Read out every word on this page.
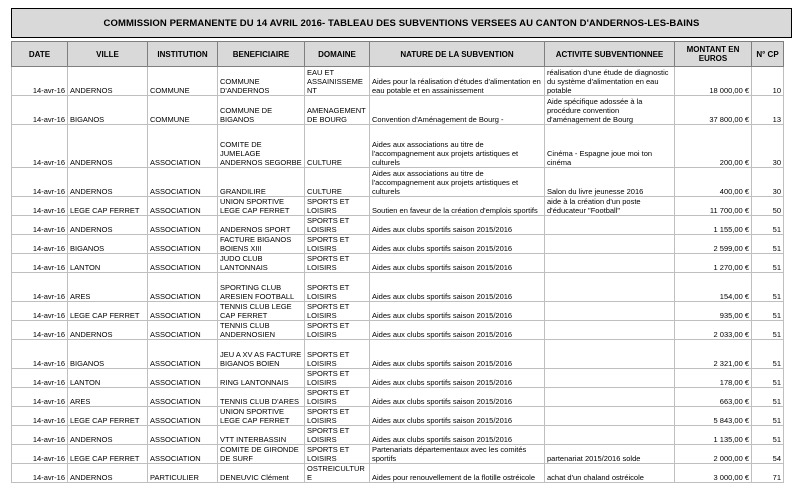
COMMISSION PERMANENTE DU 14 AVRIL 2016- TABLEAU DES SUBVENTIONS VERSEES AU CANTON D'ANDERNOS-LES-BAINS
DATE	VILLE	INSTITUTION	BENEFICIAIRE	DOMAINE	NATURE DE LA SUBVENTION	ACTIVITE SUBVENTIONNEE	MONTANT EN EUROS	N° CP
14-avr-16	ANDERNOS	COMMUNE	COMMUNE D'ANDERNOS	EAU ET ASSAINISSEMENT	Aides pour la réalisation d'études d'alimentation en eau potable et en assainissement	réalisation d'une étude de diagnostic du système d'alimentation en eau potable	18 000,00 €	10
14-avr-16	BIGANOS	COMMUNE	COMMUNE DE BIGANOS	AMENAGEMENT DE BOURG	Convention d'Aménagement de Bourg -	Aide spécifique adossée à la procédure convention d'aménagement de Bourg	37 800,00 €	13
14-avr-16	ANDERNOS	ASSOCIATION	COMITE DE JUMELAGE ANDERNOS SEGORBE	CULTURE	Aides aux associations au titre de l'accompagnement aux projets artistiques et culturels	Cinéma - Espagne joue moi ton cinéma	200,00 €	30
14-avr-16	ANDERNOS	ASSOCIATION	GRANDILIRE	CULTURE	Aides aux associations au titre de l'accompagnement aux projets artistiques et culturels	Salon du livre jeunesse 2016	400,00 €	30
14-avr-16	LEGE CAP FERRET	ASSOCIATION	UNION SPORTIVE LEGE CAP FERRET	SPORTS ET LOISIRS	Soutien en faveur de la création d'emplois sportifs	aide à la création d'un poste d'éducateur "Football"	11 700,00 €	50
14-avr-16	ANDERNOS	ASSOCIATION	ANDERNOS SPORT	SPORTS ET LOISIRS	Aides aux clubs sportifs saison 2015/2016		1 155,00 €	51
14-avr-16	BIGANOS	ASSOCIATION	FACTURE BIGANOS BOIENS XIII	SPORTS ET LOISIRS	Aides aux clubs sportifs saison 2015/2016		2 599,00 €	51
14-avr-16	LANTON	ASSOCIATION	JUDO CLUB LANTONNAIS	SPORTS ET LOISIRS	Aides aux clubs sportifs saison 2015/2016		1 270,00 €	51
14-avr-16	ARES	ASSOCIATION	SPORTING CLUB ARESIEN FOOTBALL	SPORTS ET LOISIRS	Aides aux clubs sportifs saison 2015/2016		154,00 €	51
14-avr-16	LEGE CAP FERRET	ASSOCIATION	TENNIS CLUB LEGE CAP FERRET	SPORTS ET LOISIRS	Aides aux clubs sportifs saison 2015/2016		935,00 €	51
14-avr-16	ANDERNOS	ASSOCIATION	TENNIS CLUB ANDERNOSIEN	SPORTS ET LOISIRS	Aides aux clubs sportifs saison 2015/2016		2 033,00 €	51
14-avr-16	BIGANOS	ASSOCIATION	JEU A XV AS FACTURE BIGANOS BOIEN	SPORTS ET LOISIRS	Aides aux clubs sportifs saison 2015/2016		2 321,00 €	51
14-avr-16	LANTON	ASSOCIATION	RING LANTONNAIS	SPORTS ET LOISIRS	Aides aux clubs sportifs saison 2015/2016		178,00 €	51
14-avr-16	ARES	ASSOCIATION	TENNIS CLUB D'ARES	SPORTS ET LOISIRS	Aides aux clubs sportifs saison 2015/2016		663,00 €	51
14-avr-16	LEGE CAP FERRET	ASSOCIATION	UNION SPORTIVE LEGE CAP FERRET	SPORTS ET LOISIRS	Aides aux clubs sportifs saison 2015/2016		5 843,00 €	51
14-avr-16	ANDERNOS	ASSOCIATION	VTT INTERBASSIN	SPORTS ET LOISIRS	Aides aux clubs sportifs saison 2015/2016		1 135,00 €	51
14-avr-16	LEGE CAP FERRET	ASSOCIATION	COMITE DE GIRONDE DE SURF	SPORTS ET LOISIRS	Partenariats départementaux avec les comités sportifs	partenariat 2015/2016 solde	2 000,00 €	54
14-avr-16	ANDERNOS	PARTICULIER	DENEUVIC Clément	OSTREICULTURE	Aides pour renouvellement de la flotille ostréicole	achat d'un chaland ostréicole	3 000,00 €	71
